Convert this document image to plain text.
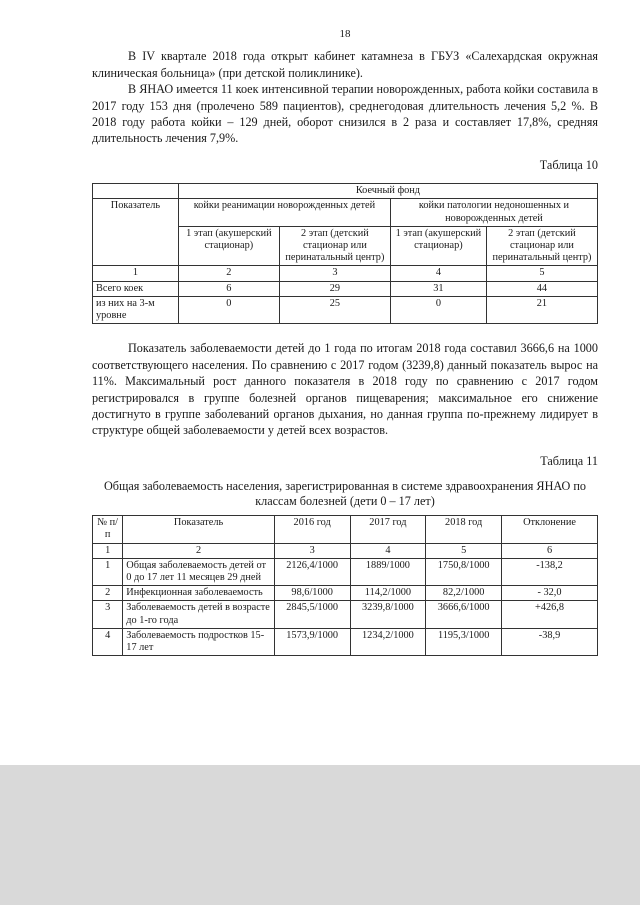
18

В IV квартале 2018 года открыт кабинет катамнеза в ГБУЗ «Салехардская окружная клиническая больница» (при детской поликлинике).

В ЯНАО имеется 11 коек интенсивной терапии новорожденных, работа койки составила в 2017 году 153 дня (пролечено 589 пациентов), среднегодовая длительность лечения 5,2 %. В 2018 году работа койки – 129 дней, оборот снизился в 2 раза и составляет 17,8%, средняя длительность лечения 7,9%.

Таблица 10
	Коечный фонд			
Показатель	койки реанимации новорожденных детей		койки патологии недоношенных и новорожденных детей	
	1 этап (акушерский стационар)	2 этап (детский стационар или перинатальный центр)	1 этап (акушерский стационар)	2 этап (детский стационар или перинатальный центр)
1	2	3	4	5
Всего коек	6	29	31	44
из них на 3-м уровне	0	25	0	21

Показатель заболеваемости детей до 1 года по итогам 2018 года составил 3666,6 на 1000 соответствующего населения. По сравнению с 2017 годом (3239,8) данный показатель вырос на 11%. Максимальный рост данного показателя в 2018 году по сравнению с 2017 годом регистрировался в группе болезней органов пищеварения; максимальное его снижение достигнуто в группе заболеваний органов дыхания, но данная группа по-прежнему лидирует в структуре общей заболеваемости у детей всех возрастов.

Таблица 11
Общая заболеваемость населения, зарегистрированная в системе здравоохранения ЯНАО по классам болезней (дети 0 – 17 лет)
№ п/п	Показатель	2016 год	2017 год	2018 год	Отклонение
1	2	3	4	5	6
1	Общая заболеваемость детей от 0 до 17 лет 11 месяцев 29 дней	2126,4/1000	1889/1000	1750,8/1000	-138,2
2	Инфекционная заболеваемость	98,6/1000	114,2/1000	82,2/1000	- 32,0
3	Заболеваемость детей в возрасте до 1-го года	2845,5/1000	3239,8/1000	3666,6/1000	+426,8
4	Заболеваемость подростков 15-17 лет	1573,9/1000	1234,2/1000	1195,3/1000	-38,9
